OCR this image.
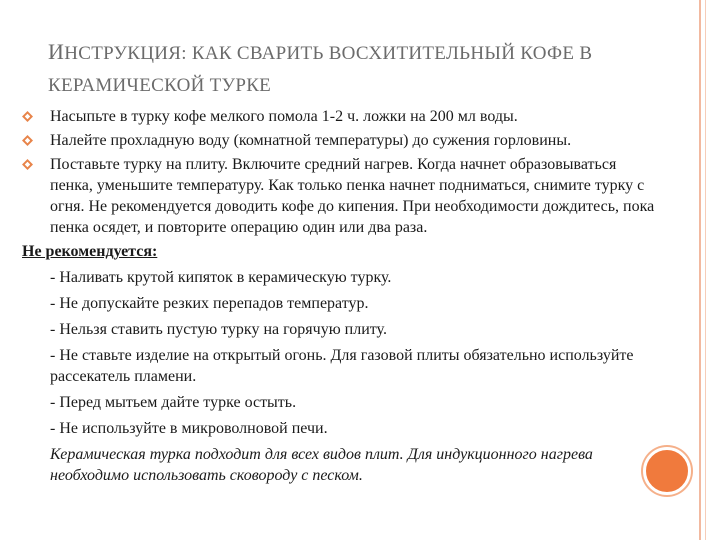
ИНСТРУКЦИЯ: КАК СВАРИТЬ ВОСХИТИТЕЛЬНЫЙ КОФЕ В
КЕРАМИЧЕСКОЙ ТУРКЕ
Насыпьте в турку кофе мелкого помола 1-2 ч. ложки на 200 мл воды.
Налейте прохладную воду (комнатной температуры) до сужения горловины.
Поставьте турку на плиту. Включите средний нагрев. Когда начнет образовываться пенка, уменьшите температуру. Как только пенка начнет подниматься, снимите турку с огня. Не рекомендуется доводить кофе до кипения. При необходимости дождитесь, пока пенка осядет, и повторите операцию один или два раза.
Не рекомендуется:
- Наливать крутой кипяток в керамическую турку.
- Не допускайте резких перепадов температур.
- Нельзя ставить пустую турку на горячую плиту.
- Не ставьте изделие на открытый огонь. Для газовой плиты обязательно используйте рассекатель пламени.
- Перед мытьем дайте турке остыть.
- Не используйте в микроволновой печи.
Керамическая турка подходит для всех видов плит. Для индукционного нагрева необходимо использовать сковороду с песком.
